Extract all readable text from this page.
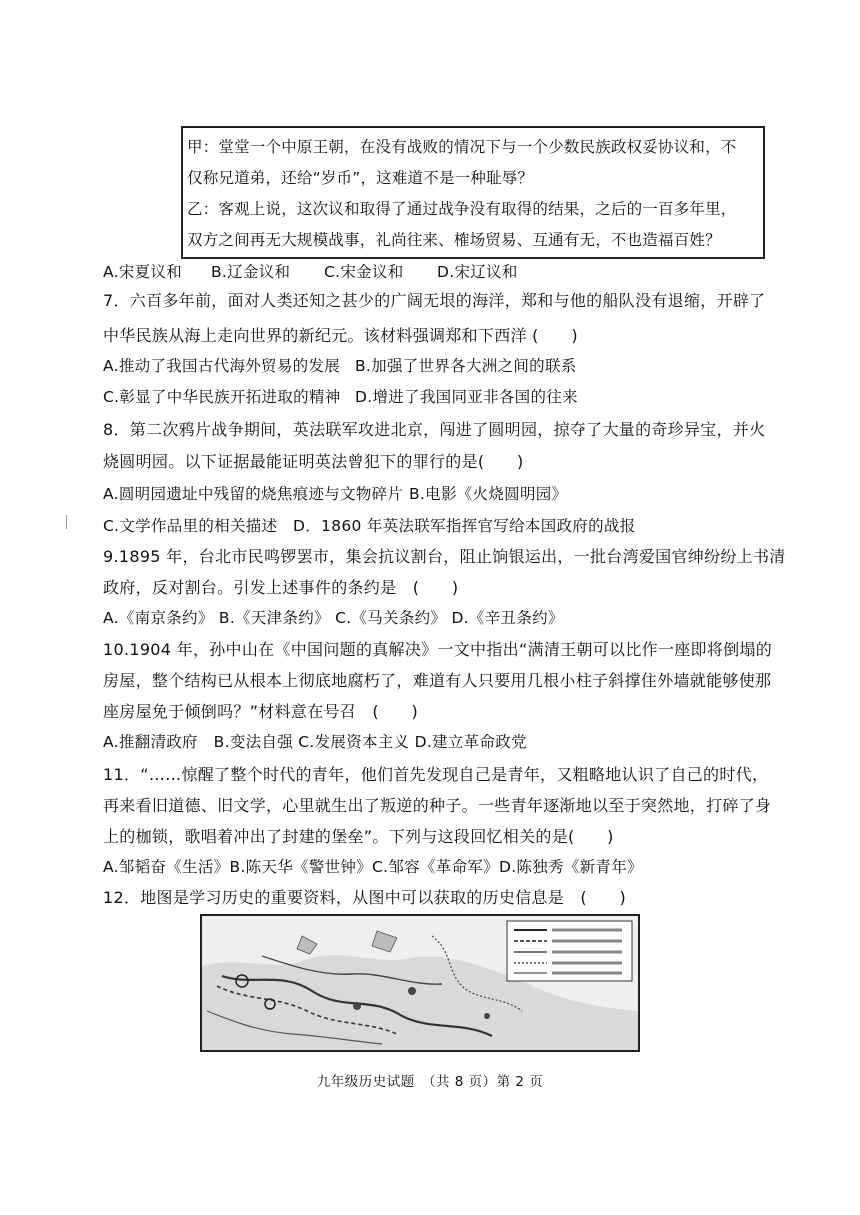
甲：堂堂一个中原王朝，在没有战败的情况下与一个少数民族政权妥协议和，不
仅称兄道弟，还给“岁币”，这难道不是一种耻辱？
乙：客观上说，这次议和取得了通过战争没有取得的结果，之后的一百多年里，
双方之间再无大规模战事，礼尚往来、榷场贸易、互通有无，不也造福百姓？
A.宋夏议和 B.辽金议和 C.宋金议和 D.宋辽议和
7．六百多年前，面对人类还知之甚少的广阔无垠的海洋，郑和与他的船队没有退缩，开辟了
中华民族从海上走向世界的新纪元。该材料强调郑和下西洋 (　　)
A.推动了我国古代海外贸易的发展 B.加强了世界各大洲之间的联系
C.彰显了中华民族开拓进取的精神 D.增进了我国同亚非各国的往来
8．第二次鸦片战争期间，英法联军攻进北京，闯进了圆明园，掠夺了大量的奇珍异宝，并火
烧圆明园。以下证据最能证明英法曾犯下的罪行的是(　　)
A.圆明园遗址中残留的烧焦痕迹与文物碎片 B.电影《火烧圆明园》
C.文学作品里的相关描述 D．1860 年英法联军指挥官写给本国政府的战报
9.1895 年，台北市民鸣锣罢市，集会抗议割台，阻止饷银运出，一批台湾爱国官绅纷纷上书清
政府，反对割台。引发上述事件的条约是　(　　)
A.《南京条约》 B.《天津条约》 C.《马关条约》 D.《辛丑条约》
10.1904 年，孙中山在《中国问题的真解决》一文中指出“满清王朝可以比作一座即将倒塌的
房屋，整个结构已从根本上彻底地腐朽了，难道有人只要用几根小柱子斜撑住外墙就能够使那
座房屋免于倾倒吗？”材料意在号召　(　　)
A.推翻清政府　B.变法自强 C.发展资本主义 D.建立革命政党
11．“……惊醒了整个时代的青年，他们首先发现自己是青年，又粗略地认识了自己的时代，
再来看旧道德、旧文学，心里就生出了叛逆的种子。一些青年逐渐地以至于突然地，打碎了身
上的枷锁，歌唱着冲出了封建的堡垒”。下列与这段回忆相关的是(　　)
A.邹韬奋《生活》B.陈天华《警世钟》C.邹容《革命军》D.陈独秀《新青年》
12．地图是学习历史的重要资料，从图中可以获取的历史信息是　(　　)
九年级历史试题　（共 8 页）第 2 页
